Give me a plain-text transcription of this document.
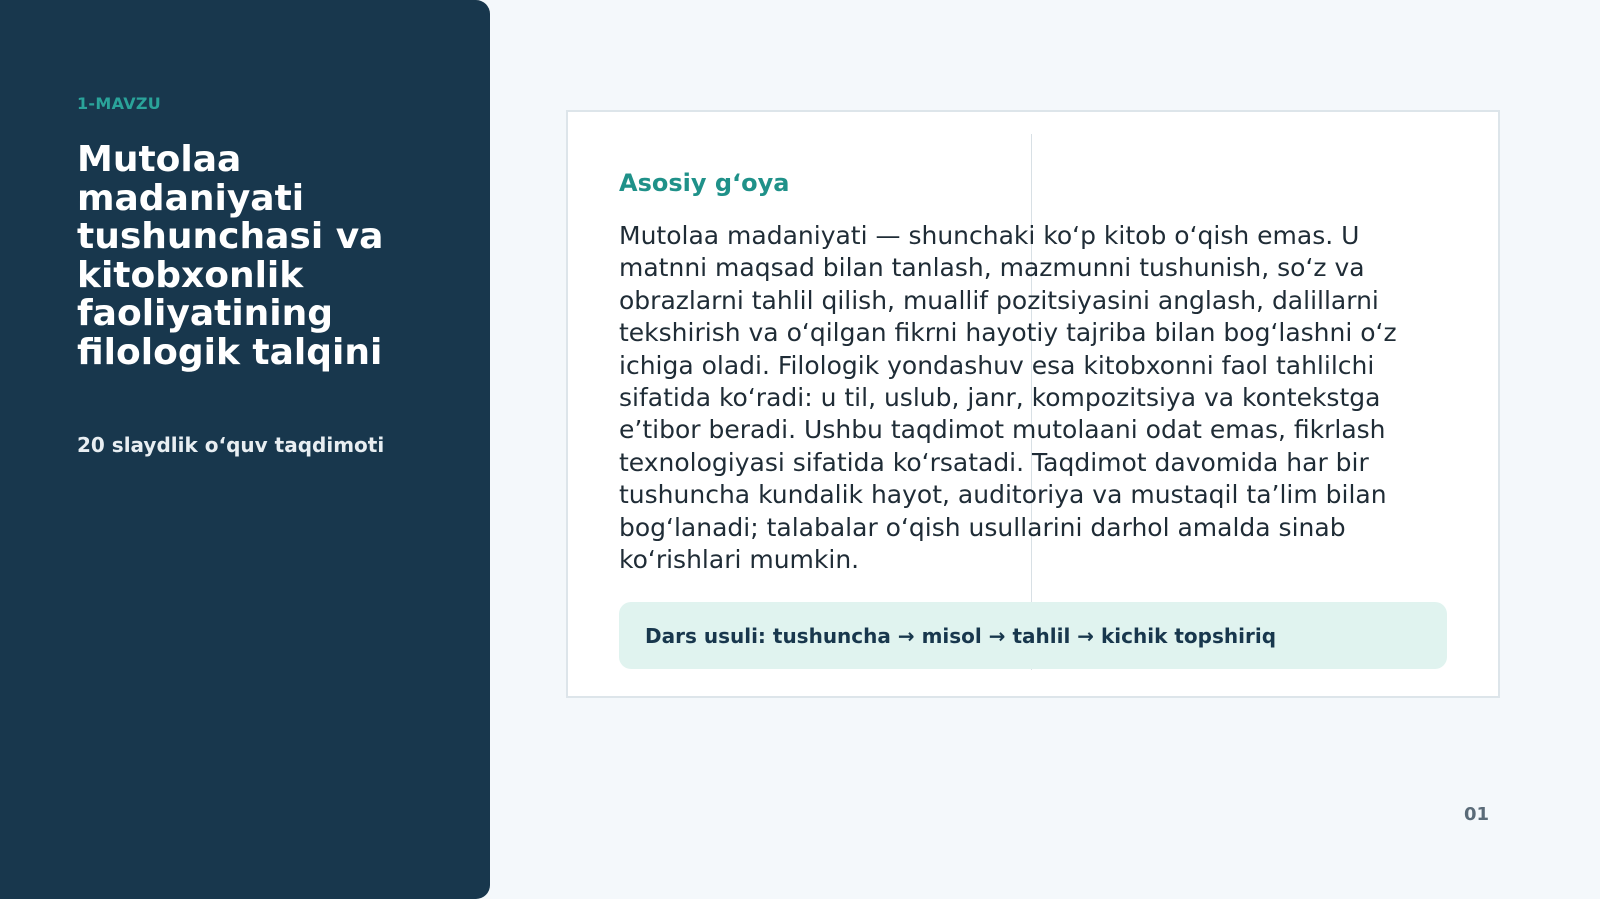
1-MAVZU
Mutolaa madaniyati tushunchasi va kitobxonlik faoliyatining filologik talqini
20 slaydlik o‘quv taqdimoti
Asosiy g‘oya
Mutolaa madaniyati — shunchaki ko‘p kitob o‘qish emas. U matnni maqsad bilan tanlash, mazmunni tushunish, so‘z va obrazlarni tahlil qilish, muallif pozitsiyasini anglash, dalillarni tekshirish va o‘qilgan fikrni hayotiy tajriba bilan bog‘lashni o‘z ichiga oladi. Filologik yondashuv esa kitobxonni faol tahlilchi sifatida ko‘radi: u til, uslub, janr, kompozitsiya va kontekstga e’tibor beradi. Ushbu taqdimot mutolaani odat emas, fikrlash texnologiyasi sifatida ko‘rsatadi. Taqdimot davomida har bir tushuncha kundalik hayot, auditoriya va mustaqil ta’lim bilan bog‘lanadi; talabalar o‘qish usullarini darhol amalda sinab ko‘rishlari mumkin.
Dars usuli: tushuncha → misol → tahlil → kichik topshiriq
01
